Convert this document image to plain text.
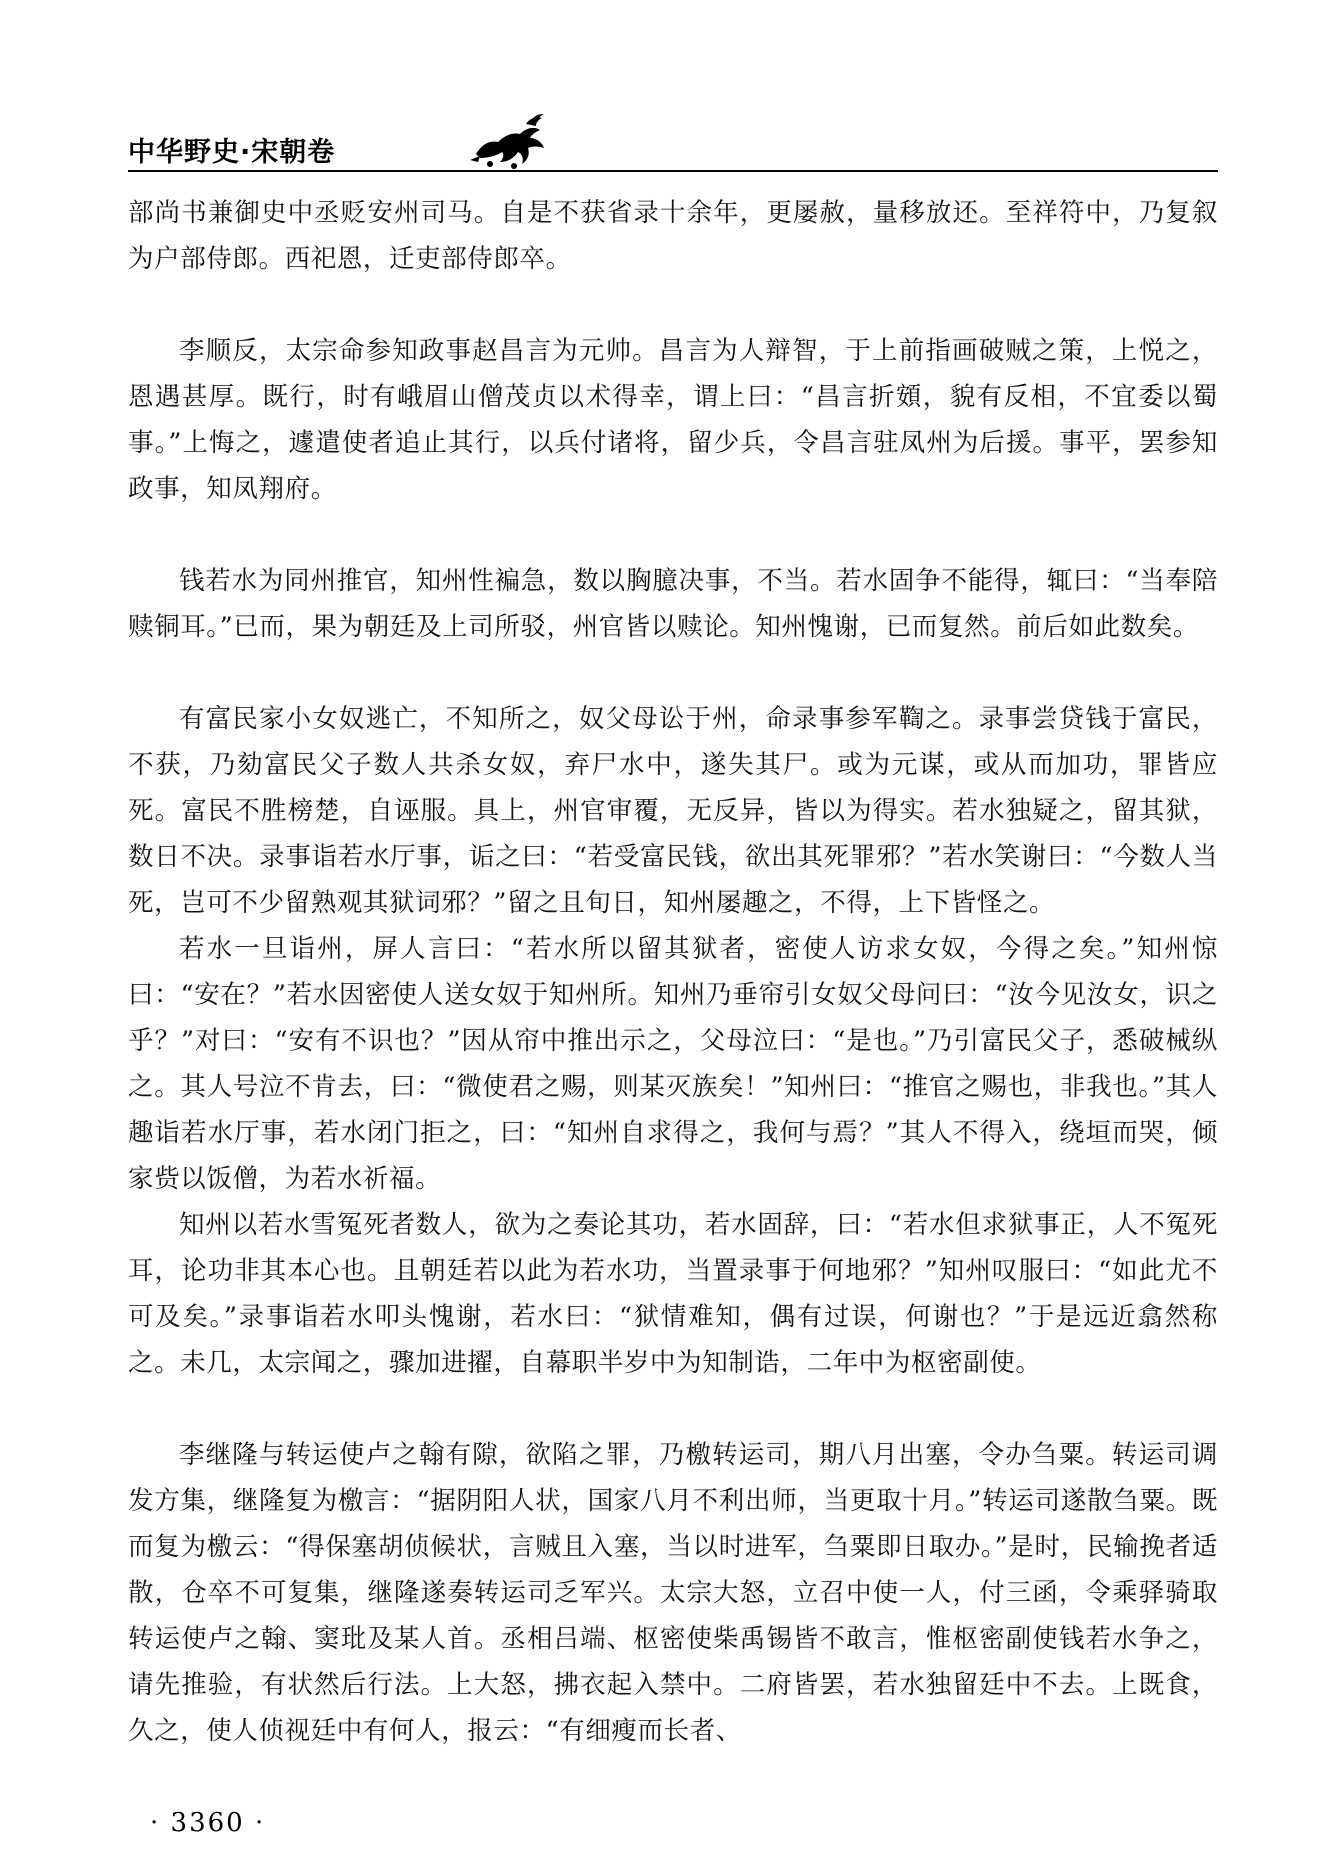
中华野史·宋朝卷

部尚书兼御史中丞贬安州司马。自是不获省录十余年，更屡赦，量移放还。至祥符中，乃复叙为户部侍郎。西祀恩，迁吏部侍郎卒。

李顺反，太宗命参知政事赵昌言为元帅。昌言为人辩智，于上前指画破贼之策，上悦之，恩遇甚厚。既行，时有峨眉山僧茂贞以术得幸，谓上曰：“昌言折頞，貌有反相，不宜委以蜀事。”上悔之，遽遣使者追止其行，以兵付诸将，留少兵，令昌言驻凤州为后援。事平，罢参知政事，知凤翔府。

钱若水为同州推官，知州性褊急，数以胸臆决事，不当。若水固争不能得，辄曰：“当奉陪赎铜耳。”已而，果为朝廷及上司所驳，州官皆以赎论。知州愧谢，已而复然。前后如此数矣。

有富民家小女奴逃亡，不知所之，奴父母讼于州，命录事参军鞫之。录事尝贷钱于富民，不获，乃劾富民父子数人共杀女奴，弃尸水中，遂失其尸。或为元谋，或从而加功，罪皆应死。富民不胜榜楚，自诬服。具上，州官审覆，无反异，皆以为得实。若水独疑之，留其狱，数日不决。录事诣若水厅事，诟之曰：“若受富民钱，欲出其死罪邪？”若水笑谢曰：“今数人当死，岂可不少留熟观其狱词邪？”留之且旬日，知州屡趣之，不得，上下皆怪之。

若水一旦诣州，屏人言曰：“若水所以留其狱者，密使人访求女奴，今得之矣。”知州惊曰：“安在？”若水因密使人送女奴于知州所。知州乃垂帘引女奴父母问曰：“汝今见汝女，识之乎？”对曰：“安有不识也？”因从帘中推出示之，父母泣曰：“是也。”乃引富民父子，悉破械纵之。其人号泣不肯去，曰：“微使君之赐，则某灭族矣！”知州曰：“推官之赐也，非我也。”其人趣诣若水厅事，若水闭门拒之，曰：“知州自求得之，我何与焉？”其人不得入，绕垣而哭，倾家赀以饭僧，为若水祈福。

知州以若水雪冤死者数人，欲为之奏论其功，若水固辞，曰：“若水但求狱事正，人不冤死耳，论功非其本心也。且朝廷若以此为若水功，当置录事于何地邪？”知州叹服曰：“如此尤不可及矣。”录事诣若水叩头愧谢，若水曰：“狱情难知，偶有过误，何谢也？”于是远近翕然称之。未几，太宗闻之，骤加进擢，自幕职半岁中为知制诰，二年中为枢密副使。

李继隆与转运使卢之翰有隙，欲陷之罪，乃檄转运司，期八月出塞，令办刍粟。转运司调发方集，继隆复为檄言：“据阴阳人状，国家八月不利出师，当更取十月。”转运司遂散刍粟。既而复为檄云：“得保塞胡侦候状，言贼且入塞，当以时进军，刍粟即日取办。”是时，民输挽者适散，仓卒不可复集，继隆遂奏转运司乏军兴。太宗大怒，立召中使一人，付三函，令乘驿骑取转运使卢之翰、窦玭及某人首。丞相吕端、枢密使柴禹锡皆不敢言，惟枢密副使钱若水争之，请先推验，有状然后行法。上大怒，拂衣起入禁中。二府皆罢，若水独留廷中不去。上既食，久之，使人侦视廷中有何人，报云：“有细瘦而长者、

· 3360 ·
